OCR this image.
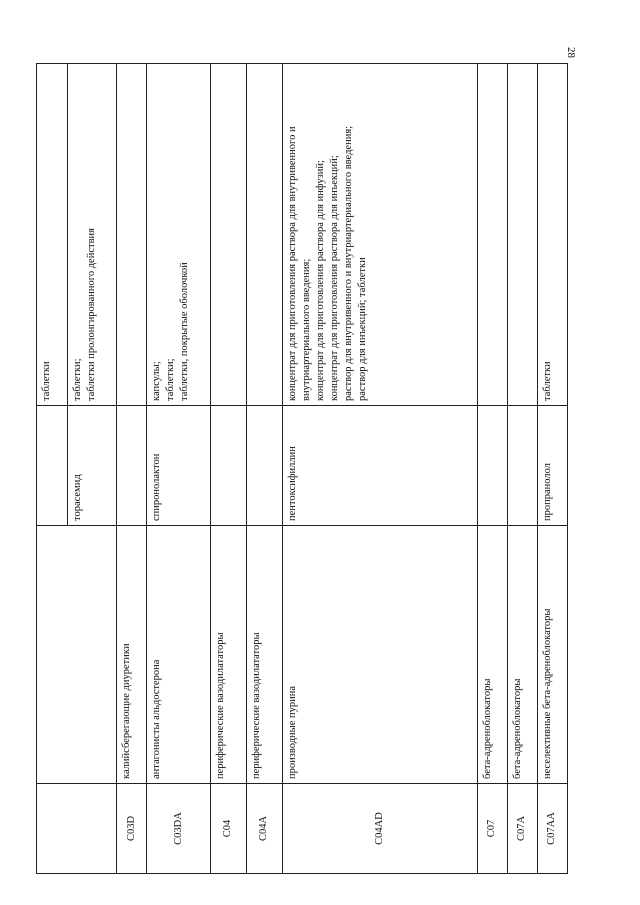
28

			таблетки

		торасемид	таблетки; таблетки пролонгированного действия

C03D	калийсберегающие диуретики		
C03DA	антагонисты альдостерона	спиронолактон	капсулы; таблетки; таблетки, покрытые оболочкой

C04	периферические вазодилататоры		
C04A	периферические вазодилататоры		
C04AD	производные пурина	пентоксифиллин	концентрат для приготовления раствора для внутривенного и внутриартериального введения; концентрат для приготовления раствора для инфузий; концентрат для приготовления раствора для инъекций; раствор для внутривенного и внутриартериального введения; раствор для инъекций; таблетки

C07	бета-адреноблокаторы		
C07A	бета-адреноблокаторы		
C07AA	неселективные бета-адреноблокаторы	пропранолол	таблетки
